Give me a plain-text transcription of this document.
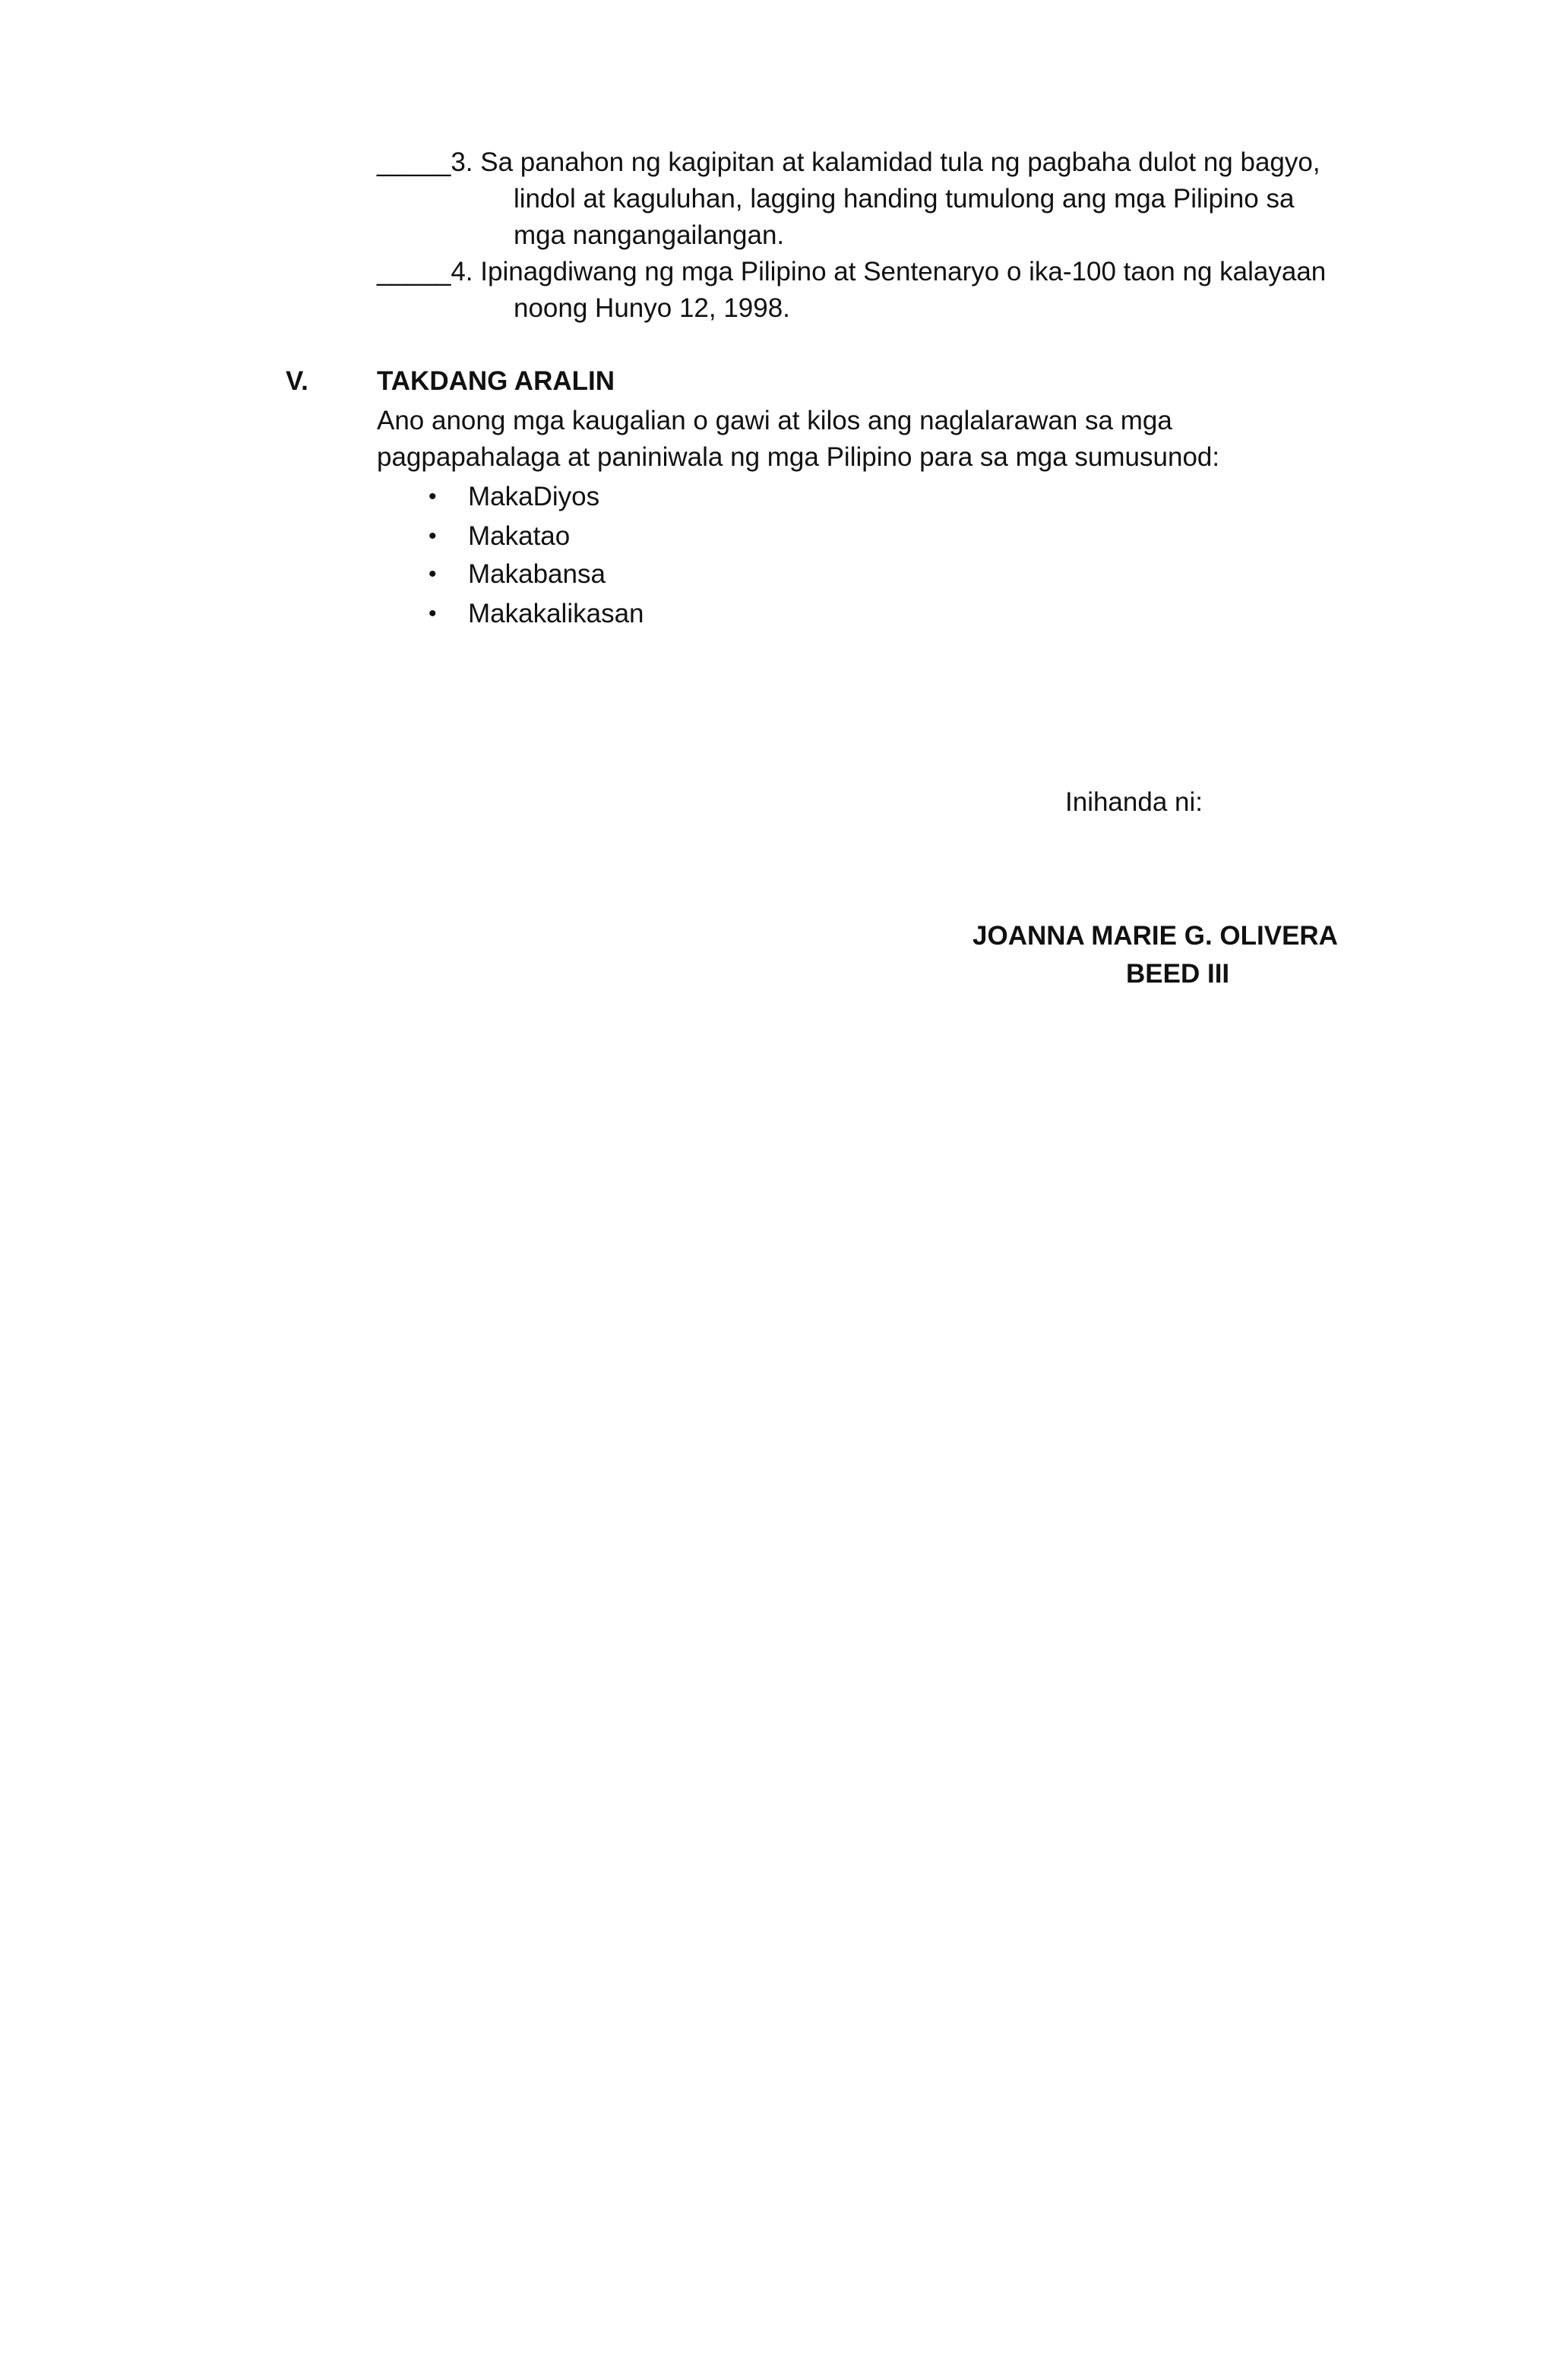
_____3. Sa panahon ng kagipitan at kalamidad tula ng pagbaha dulot ng bagyo,
lindol at kaguluhan, lagging handing tumulong ang mga Pilipino sa
mga nangangailangan.
_____4. Ipinagdiwang ng mga Pilipino at Sentenaryo o ika-100 taon ng kalayaan
noong Hunyo 12, 1998.
V.	TAKDANG ARALIN
Ano anong mga kaugalian o gawi at kilos ang naglalarawan sa mga
pagpapahalaga at paniniwala ng mga Pilipino para sa mga sumusunod:
• MakaDiyos
• Makatao
• Makabansa
• Makakalikasan
Inihanda ni:
JOANNA MARIE G. OLIVERA
BEED III
